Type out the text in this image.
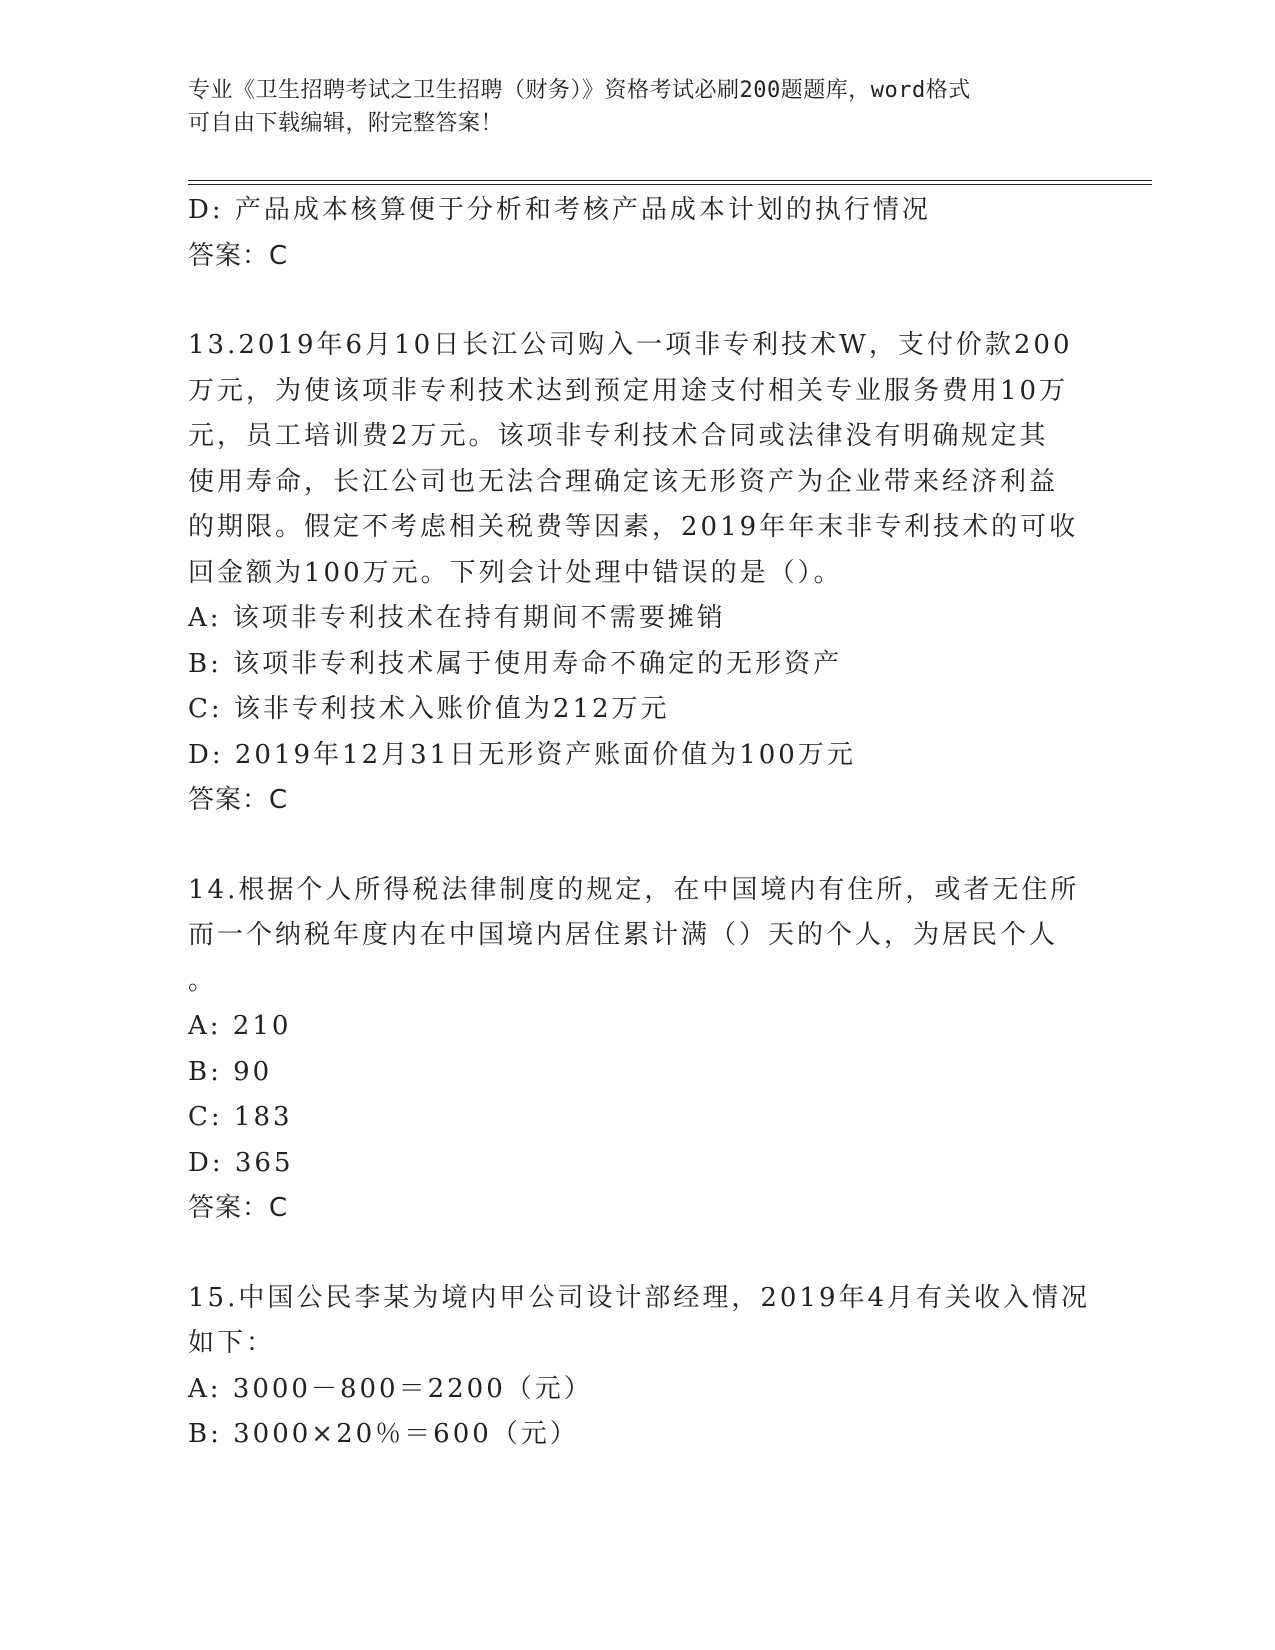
专业《卫生招聘考试之卫生招聘（财务）》资格考试必刷200题题库，word格式
可自由下载编辑，附完整答案！
D: 产品成本核算便于分析和考核产品成本计划的执行情况
答案：C
13.2019年6月10日长江公司购入一项非专利技术W，支付价款200
万元，为使该项非专利技术达到预定用途支付相关专业服务费用10万
元，员工培训费2万元。该项非专利技术合同或法律没有明确规定其
使用寿命，长江公司也无法合理确定该无形资产为企业带来经济利益
的期限。假定不考虑相关税费等因素，2019年年末非专利技术的可收
回金额为100万元。下列会计处理中错误的是（）。
A: 该项非专利技术在持有期间不需要摊销
B: 该项非专利技术属于使用寿命不确定的无形资产
C: 该非专利技术入账价值为212万元
D: 2019年12月31日无形资产账面价值为100万元
答案：C
14.根据个人所得税法律制度的规定，在中国境内有住所，或者无住所
而一个纳税年度内在中国境内居住累计满（）天的个人，为居民个人
。
A: 210
B: 90
C: 183
D: 365
答案：C
15.中国公民李某为境内甲公司设计部经理，2019年4月有关收入情况
如下：
A: 3000－800＝2200（元）
B: 3000×20％＝600（元）
